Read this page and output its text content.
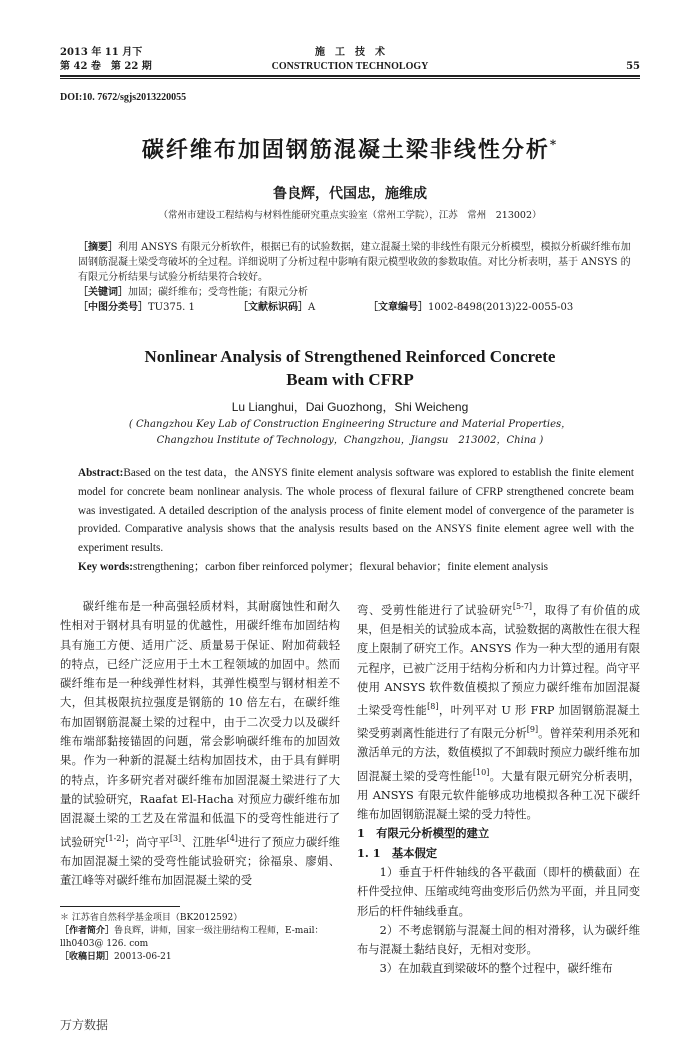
2013 年 11 月下
第 42 卷　第 22 期
施　工　技　术
CONSTRUCTION TECHNOLOGY	55
DOI:10. 7672/sgjs2013220055
碳纤维布加固钢筋混凝土梁非线性分析*
鲁良辉，代国忠，施维成
（常州市建设工程结构与材料性能研究重点实验室（常州工学院），江苏　常州　213002）
［摘要］利用 ANSYS 有限元分析软件，根据已有的试验数据，建立混凝土梁的非线性有限元分析模型，模拟分析碳纤维布加固钢筋混凝土梁受弯破坏的全过程。详细说明了分析过程中影响有限元模型收敛的参数取值。对比分析表明，基于 ANSYS 的有限元分析结果与试验分析结果符合较好。
［关键词］加固；碳纤维布；受弯性能；有限元分析
［中图分类号］TU375. 1	［文献标识码］A	［文章编号］1002-8498(2013)22-0055-03
Nonlinear Analysis of Strengthened Reinforced Concrete
Beam with CFRP
Lu Lianghui，Dai Guozhong，Shi Weicheng
( Changzhou Key Lab of Construction Engineering Structure and Material Properties，
Changzhou Institute of Technology，Changzhou，Jiangsu　213002，China )
Abstract:Based on the test data，the ANSYS finite element analysis software was explored to establish the finite element model for concrete beam nonlinear analysis. The whole process of flexural failure of CFRP strengthened concrete beam was investigated. A detailed description of the analysis process of finite element model of convergence of the parameter is provided. Comparative analysis shows that the analysis results based on the ANSYS finite element agree well with the experiment results.
Key words:strengthening；carbon fiber reinforced polymer；flexural behavior；finite element analysis

碳纤维布是一种高强轻质材料，其耐腐蚀性和耐久性相对于钢材具有明显的优越性，用碳纤维布加固结构具有施工方便、适用广泛、质量易于保证、附加荷载轻的特点，已经广泛应用于土木工程领域的加固中。然而碳纤维布是一种线弹性材料，其弹性模型与钢材相差不大，但其极限抗拉强度是钢筋的 10 倍左右，在碳纤维布加固钢筋混凝土梁的过程中，由于二次受力以及碳纤维布端部黏接锚固的问题，常会影响碳纤维布的加固效果。作为一种新的混凝土结构加固技术，由于具有鲜明的特点，许多研究者对碳纤维布加固混凝土梁进行了大量的试验研究，Raafat El-Hacha 对预应力碳纤维布加固混凝土梁的工艺及在常温和低温下的受弯性能进行了试验研究[1-2]；尚守平[3]、江胜华[4]进行了预应力碳纤维布加固混凝土梁的受弯性能试验研究；徐福泉、廖娟、董江峰等对碳纤维布加固混凝土梁的受

弯、受剪性能进行了试验研究[5-7]，取得了有价值的成果，但是相关的试验成本高，试验数据的离散性在很大程度上限制了研究工作。ANSYS 作为一种大型的通用有限元程序，已被广泛用于结构分析和内力计算过程。尚守平使用 ANSYS 软件数值模拟了预应力碳纤维布加固混凝土梁受弯性能[8]，叶列平对 U 形 FRP 加固钢筋混凝土梁受剪剥离性能进行了有限元分析[9]。曾祥荣利用杀死和激活单元的方法，数值模拟了不卸载时预应力碳纤维布加固混凝土梁的受弯性能[10]。大量有限元研究分析表明，用 ANSYS 有限元软件能够成功地模拟各种工况下碳纤维布加固钢筋混凝土梁的受力特性。

1　有限元分析模型的建立

1. 1　基本假定

1）垂直于杆件轴线的各平截面（即杆的横截面）在杆件受拉伸、压缩或纯弯曲变形后仍然为平面，并且同变形后的杆件轴线垂直。

2）不考虑钢筋与混凝土间的相对滑移，认为碳纤维布与混凝土黏结良好，无相对变形。

3）在加载直到梁破坏的整个过程中，碳纤维布

＊ 江苏省自然科学基金项目（BK2012592）
［作者简介］鲁良辉，讲师，国家一级注册结构工程师，E-mail：llh0403@ 126. com
［收稿日期］20013-06-21
万方数据
